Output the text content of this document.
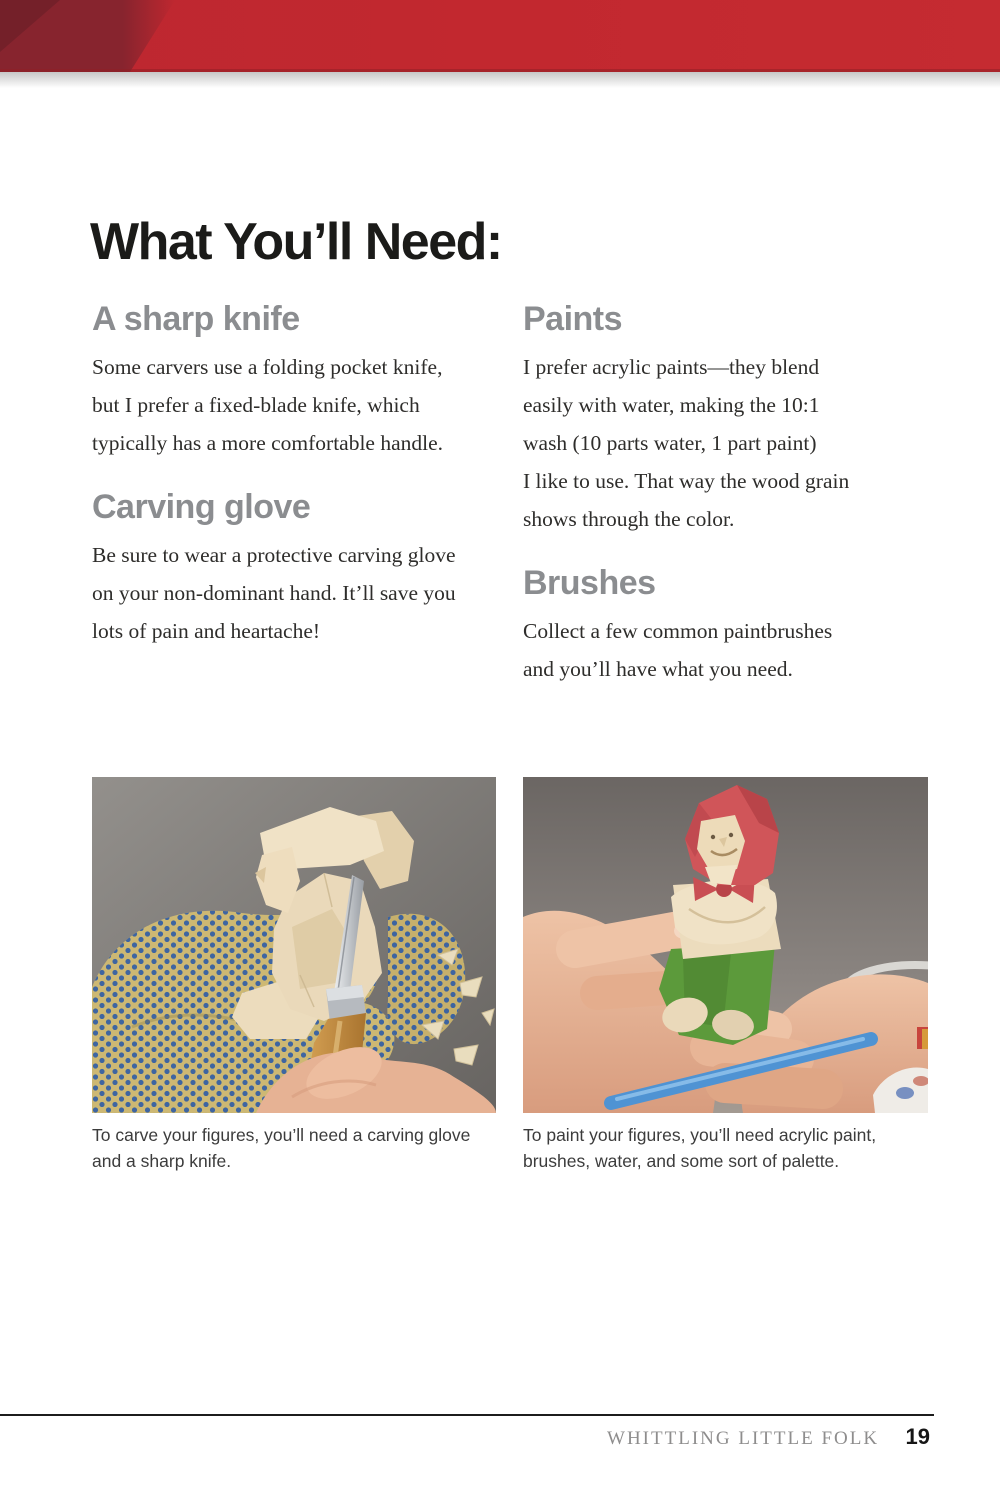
What You’ll Need:
A sharp knife

Some carvers use a folding pocket knife,
but I prefer a fixed-blade knife, which
typically has a more comfortable handle.

Carving glove

Be sure to wear a protective carving glove
on your non-dominant hand. It’ll save you
lots of pain and heartache!

Paints

I prefer acrylic paints—they blend
easily with water, making the 10:1
wash (10 parts water, 1 part paint)
I like to use. That way the wood grain
shows through the color.

Brushes

Collect a few common paintbrushes
and you’ll have what you need.

To carve your figures, you’ll need a carving glove
and a sharp knife.
To paint your figures, you’ll need acrylic paint,
brushes, water, and some sort of palette.
WHITTLING LITTLE FOLK 19
